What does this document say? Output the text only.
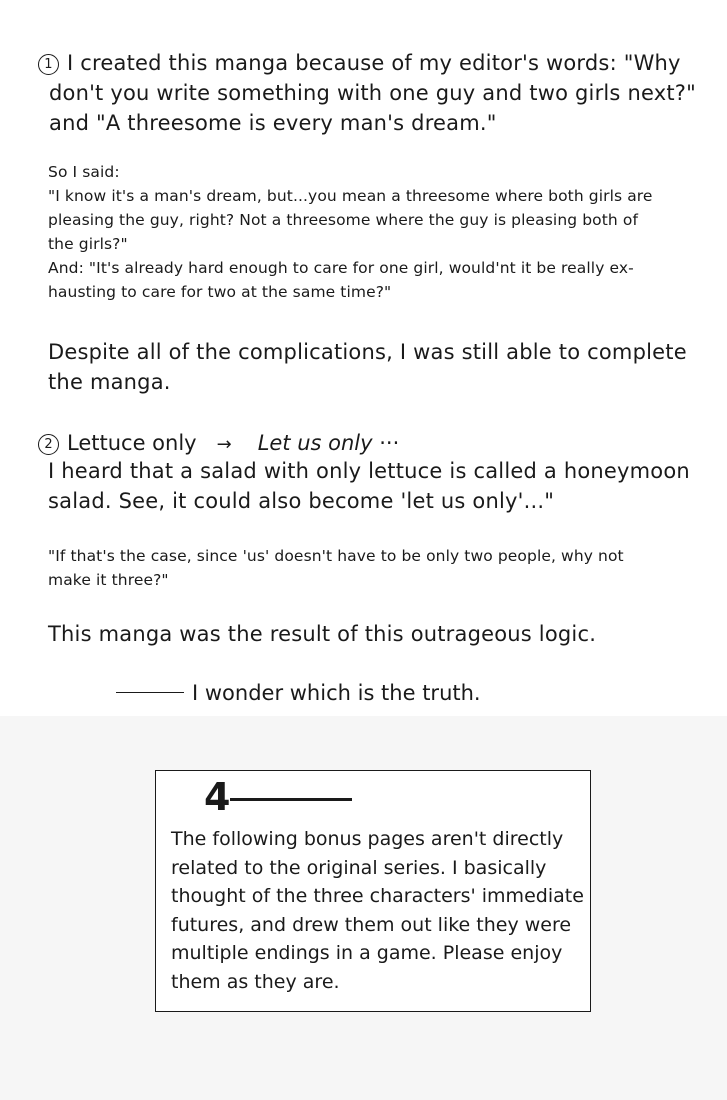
1 I created this manga because of my editor's words: "Why
don't you write something with one guy and two girls next?"
and "A threesome is every man's dream."
So I said:
"I know it's a man's dream, but...you mean a threesome where both girls are
pleasing the guy, right? Not a threesome where the guy is pleasing both of
the girls?"
And: "It's already hard enough to care for one girl, would'nt it be really ex-
hausting to care for two at the same time?"
Despite all of the complications, I was still able to complete
the manga.
2 Lettuce only → Let us only ···
I heard that a salad with only lettuce is called a honeymoon
salad. See, it could also become 'let us only'..."
"If that's the case, since 'us' doesn't have to be only two people, why not
make it three?"
This manga was the result of this outrageous logic.
I wonder which is the truth.
4
The following bonus pages aren't directly
related to the original series. I basically
thought of the three characters' immediate
futures, and drew them out like they were
multiple endings in a game. Please enjoy
them as they are.
